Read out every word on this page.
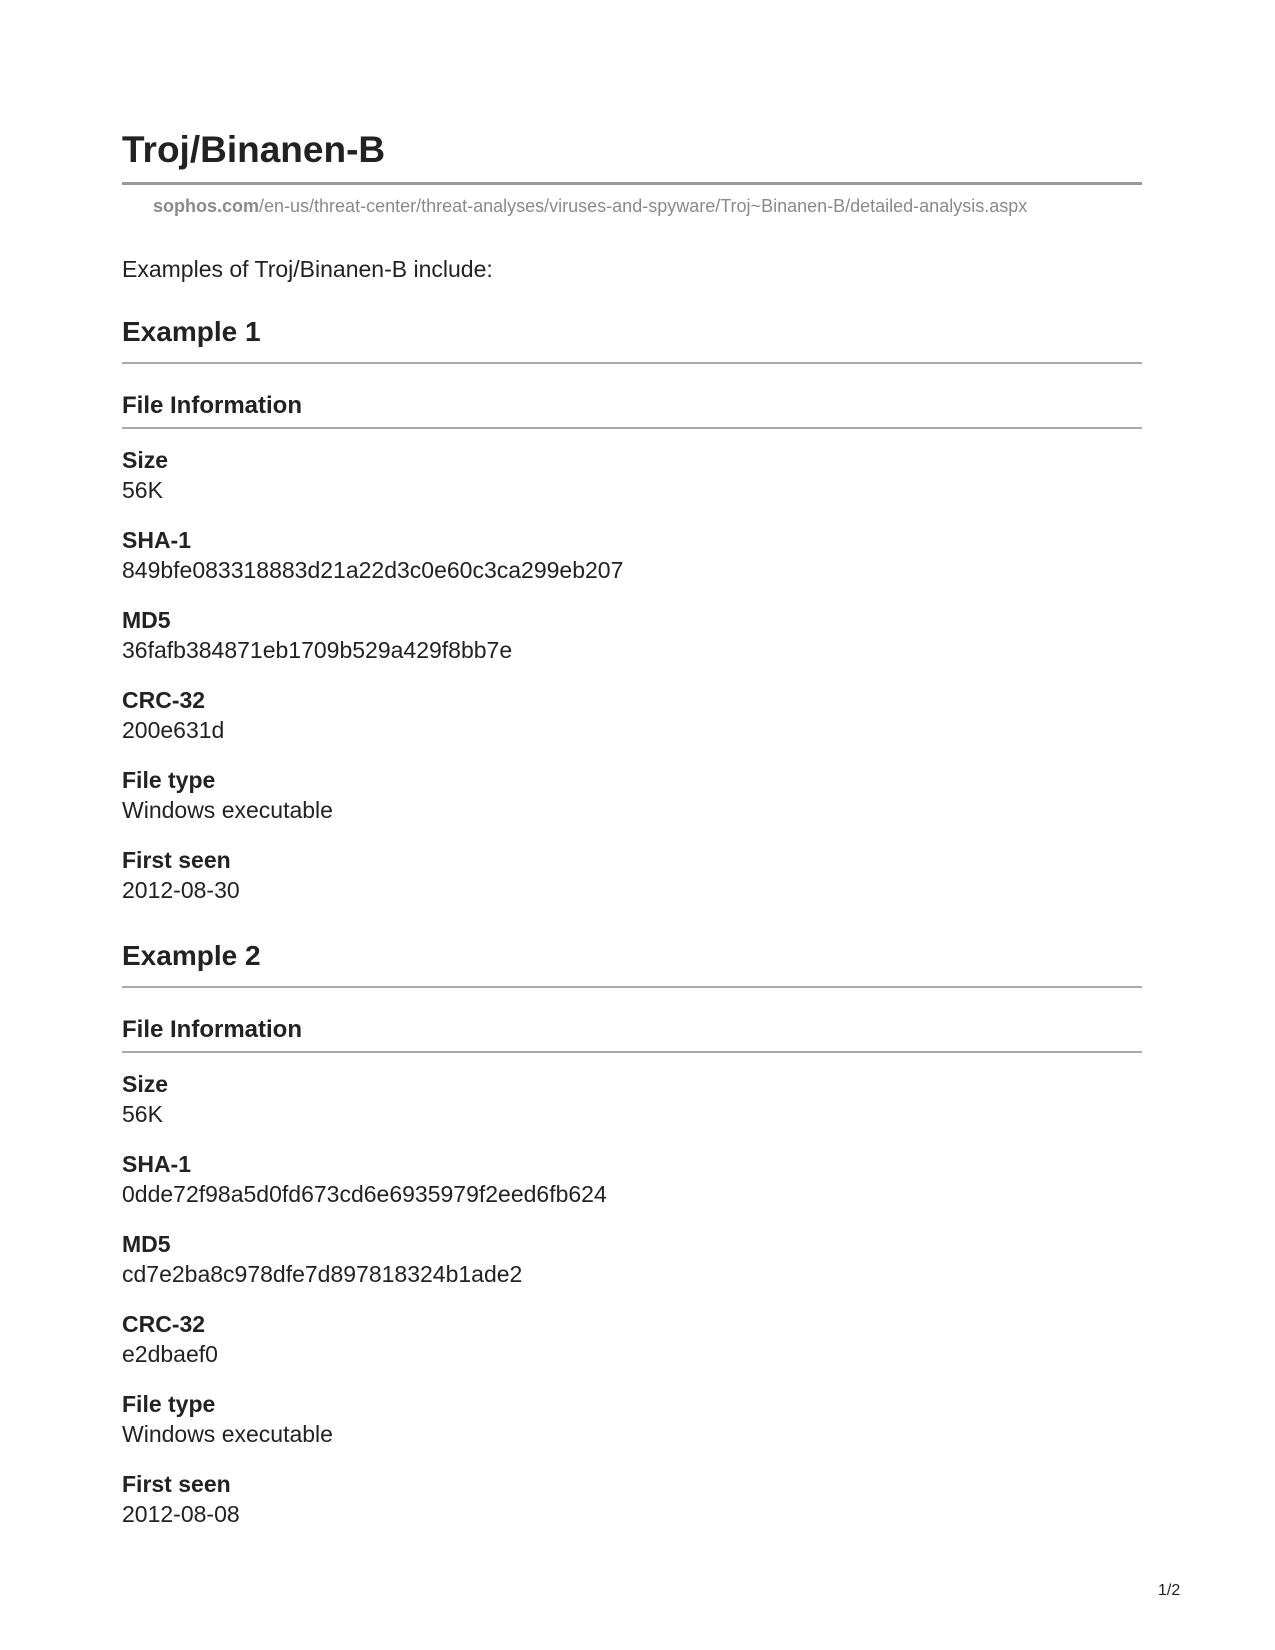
Troj/Binanen-B
sophos.com/en-us/threat-center/threat-analyses/viruses-and-spyware/Troj~Binanen-B/detailed-analysis.aspx
Examples of Troj/Binanen-B include:
Example 1
File Information
Size
56K
SHA-1
849bfe083318883d21a22d3c0e60c3ca299eb207
MD5
36fafb384871eb1709b529a429f8bb7e
CRC-32
200e631d
File type
Windows executable
First seen
2012-08-30
Example 2
File Information
Size
56K
SHA-1
0dde72f98a5d0fd673cd6e6935979f2eed6fb624
MD5
cd7e2ba8c978dfe7d897818324b1ade2
CRC-32
e2dbaef0
File type
Windows executable
First seen
2012-08-08
1/2
